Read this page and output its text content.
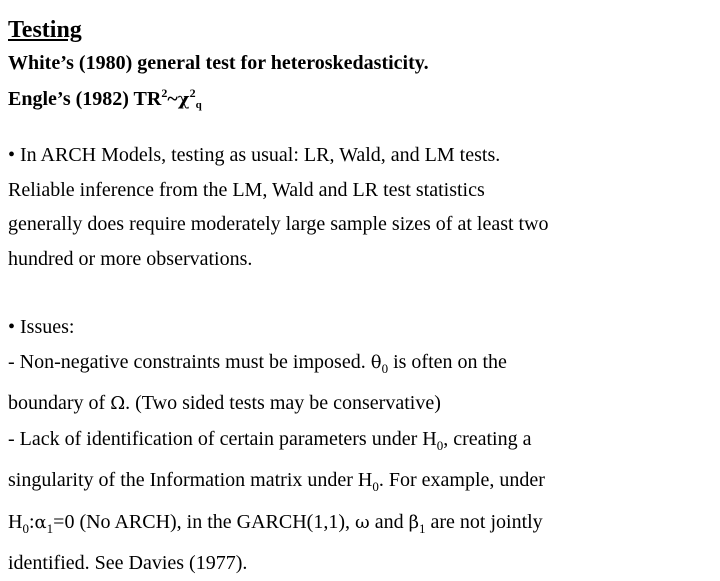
Testing
White’s (1980) general test for heteroskedasticity.
Engle’s (1982) $TR^2\sim\chi^2q$
• In ARCH Models, testing as usual: LR, Wald, and LM tests.
Reliable inference from the LM, Wald and LR test statistics
generally does require moderately large sample sizes of at least two
hundred or more observations.
• Issues:
- Non-negative constraints must be imposed. $\theta_0$ is often on the
boundary of Ω. (Two sided tests may be conservative)
- Lack of identification of certain parameters under $H_0$, creating a
singularity of the Information matrix under $H_0$. For example, under
$H_0:\alpha_1=0$ (No ARCH), in the GARCH(1,1), ω and $\beta_1$ are not jointly
identified. See Davies (1977).
